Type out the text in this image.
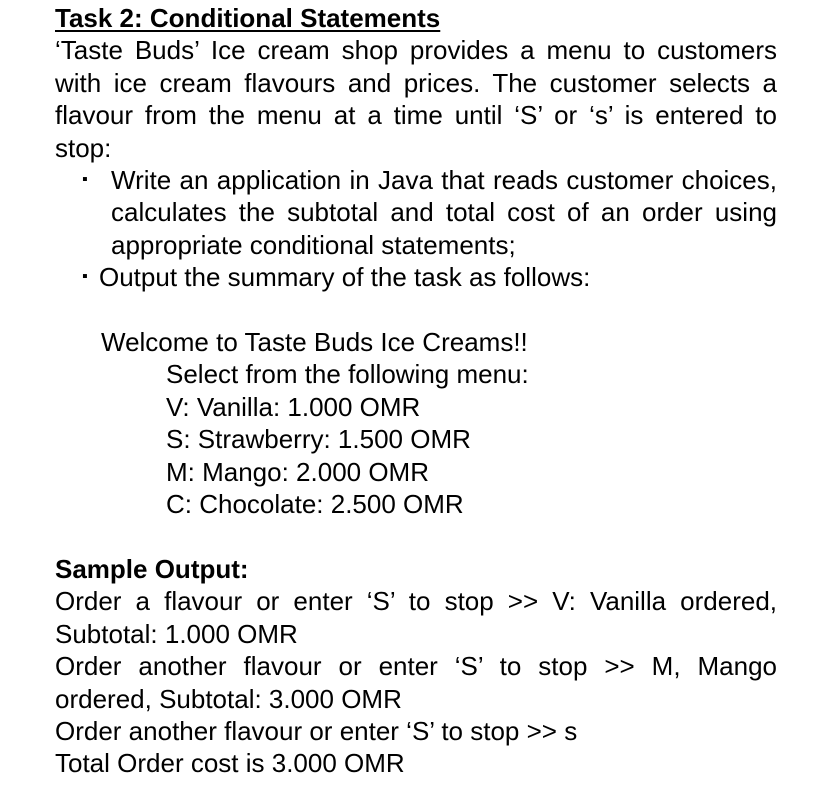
Task 2: Conditional Statements
‘Taste Buds’ Ice cream shop provides a menu to customers with ice cream flavours and prices. The customer selects a flavour from the menu at a time until ‘S’ or ‘s’ is entered to stop:
▪ Write an application in Java that reads customer choices, calculates the subtotal and total cost of an order using appropriate conditional statements;
▪ Output the summary of the task as follows:
Welcome to Taste Buds Ice Creams!!
Select from the following menu:
V: Vanilla: 1.000 OMR
S: Strawberry: 1.500 OMR
M: Mango: 2.000 OMR
C: Chocolate: 2.500 OMR
Sample Output:
Order a flavour or enter ‘S’ to stop >> V: Vanilla ordered, Subtotal: 1.000 OMR
Order another flavour or enter ‘S’ to stop >> M, Mango ordered, Subtotal: 3.000 OMR
Order another flavour or enter ‘S’ to stop >> s
Total Order cost is 3.000 OMR
